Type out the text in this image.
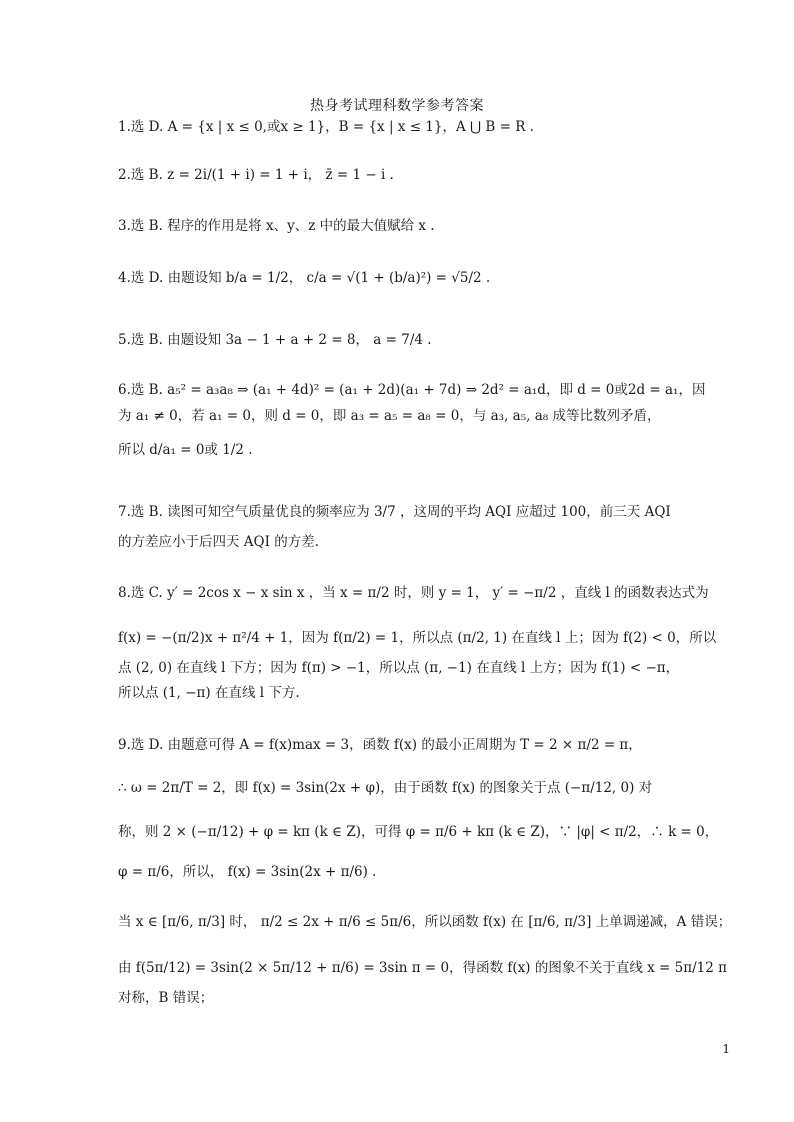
热身考试理科数学参考答案
1.选 D. A = {x | x ≤ 0,或x ≥ 1}，B = {x | x ≤ 1}，A ⋃ B = R .
2.选 B. z = 2i/(1 + i) = 1 + i， z̄ = 1 − i .
3.选 B. 程序的作用是将 x、y、z 中的最大值赋给 x .
4.选 D. 由题设知 b/a = 1/2， c/a = √(1 + (b/a)²) = √5/2 .
5.选 B. 由题设知 3a − 1 + a + 2 = 8， a = 7/4 .
6.选 B. a₅² = a₃a₈ ⇒ (a₁ + 4d)² = (a₁ + 2d)(a₁ + 7d) ⇒ 2d² = a₁d，即 d = 0或2d = a₁，因
为 a₁ ≠ 0，若 a₁ = 0，则 d = 0，即 a₃ = a₅ = a₈ = 0，与 a₃, a₅, a₈ 成等比数列矛盾，
所以 d/a₁ = 0或 1/2 .
7.选 B. 读图可知空气质量优良的频率应为 3/7 ，这周的平均 AQI 应超过 100，前三天 AQI
的方差应小于后四天 AQI 的方差.
8.选 C. y′ = 2cos x − x sin x ，当 x = π/2 时，则 y = 1， y′ = −π/2 ，直线 l 的函数表达式为
f(x) = −(π/2)x + π²/4 + 1，因为 f(π/2) = 1，所以点 (π/2, 1) 在直线 l 上；因为 f(2) < 0，所以
点 (2, 0) 在直线 l 下方；因为 f(π) > −1，所以点 (π, −1) 在直线 l 上方；因为 f(1) < −π，
所以点 (1, −π) 在直线 l 下方.
9.选 D. 由题意可得 A = f(x)max = 3，函数 f(x) 的最小正周期为 T = 2 × π/2 = π，
∴ ω = 2π/T = 2，即 f(x) = 3sin(2x + φ)，由于函数 f(x) 的图象关于点 (−π/12, 0) 对
称，则 2 × (−π/12) + φ = kπ (k ∈ Z)，可得 φ = π/6 + kπ (k ∈ Z)，∵ |φ| < π/2，∴ k = 0，
φ = π/6，所以， f(x) = 3sin(2x + π/6) .
当 x ∈ [π/6, π/3] 时， π/2 ≤ 2x + π/6 ≤ 5π/6，所以函数 f(x) 在 [π/6, π/3] 上单调递减，A 错误；
由 f(5π/12) = 3sin(2 × 5π/12 + π/6) = 3sin π = 0，得函数 f(x) 的图象不关于直线 x = 5π/12 π
对称，B 错误；
1
